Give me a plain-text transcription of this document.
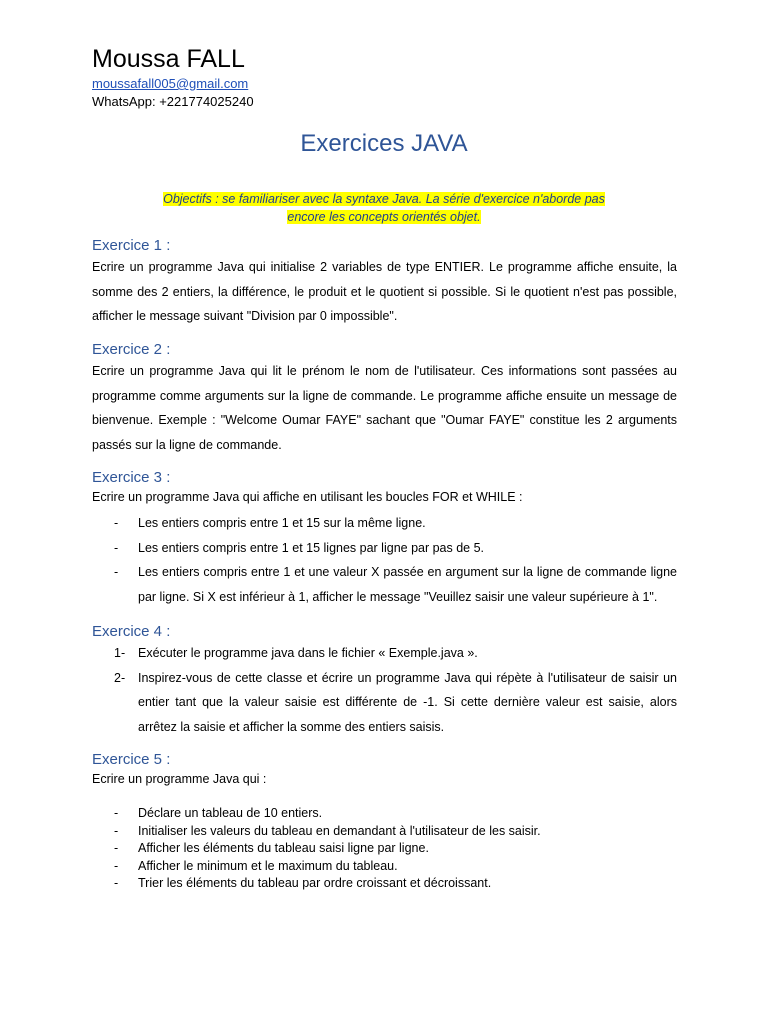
Moussa FALL
moussafall005@gmail.com
WhatsApp: +221774025240
Exercices JAVA
Objectifs : se familiariser avec la syntaxe Java. La série d'exercice n'aborde pas
encore les concepts orientés objet.
Exercice 1 :

Ecrire un programme Java qui initialise 2 variables de type ENTIER. Le programme affiche ensuite, la somme des 2 entiers, la différence, le produit et le quotient si possible. Si le quotient n'est pas possible, afficher le message suivant "Division par 0 impossible".

Exercice 2 :

Ecrire un programme Java qui lit le prénom le nom de l'utilisateur. Ces informations sont passées au programme comme arguments sur la ligne de commande. Le programme affiche ensuite un message de bienvenue. Exemple : "Welcome Oumar FAYE" sachant que "Oumar FAYE" constitue les 2 arguments passés sur la ligne de commande.

Exercice 3 :

Ecrire un programme Java qui affiche en utilisant les boucles FOR et WHILE :

- Les entiers compris entre 1 et 15 sur la même ligne.
- Les entiers compris entre 1 et 15 lignes par ligne par pas de 5.
- Les entiers compris entre 1 et une valeur X passée en argument sur la ligne de commande ligne par ligne. Si X est inférieur à 1, afficher le message "Veuillez saisir une valeur supérieure à 1".
Exercice 4 :
1- Exécuter le programme java dans le fichier « Exemple.java ».
2- Inspirez-vous de cette classe et écrire un programme Java qui répète à l'utilisateur de saisir un entier tant que la valeur saisie est différente de -1. Si cette dernière valeur est saisie, alors arrêtez la saisie et afficher la somme des entiers saisis.
Exercice 5 :

Ecrire un programme Java qui :

- Déclare un tableau de 10 entiers.
- Initialiser les valeurs du tableau en demandant à l'utilisateur de les saisir.
- Afficher les éléments du tableau saisi ligne par ligne.
- Afficher le minimum et le maximum du tableau.
- Trier les éléments du tableau par ordre croissant et décroissant.
